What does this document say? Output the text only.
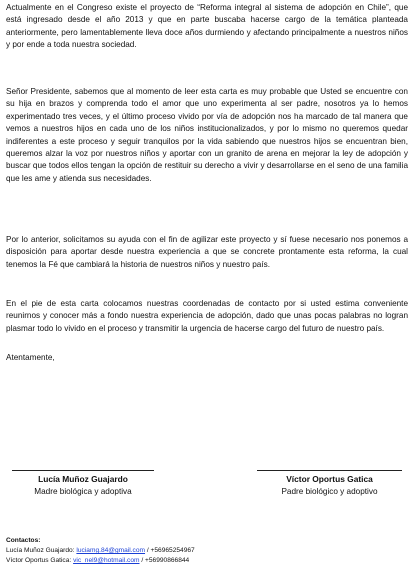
Actualmente en el Congreso existe el proyecto de “Reforma integral al sistema de adopción en Chile”, que está ingresado desde el año 2013 y que en parte buscaba hacerse cargo de la temática planteada anteriormente, pero lamentablemente lleva doce años durmiendo y afectando principalmente a nuestros niños y por ende a toda nuestra sociedad.

Señor Presidente, sabemos que al momento de leer esta carta es muy probable que Usted se encuentre con su hija en brazos y comprenda todo el amor que uno experimenta al ser padre, nosotros ya lo hemos experimentado tres veces, y el último proceso vivido por vía de adopción nos ha marcado de tal manera que vemos a nuestros hijos en cada uno de los niños institucionalizados, y por lo mismo no queremos quedar indiferentes a este proceso y seguir tranquilos por la vida sabiendo que nuestros hijos se encuentran bien, queremos alzar la voz por nuestros niños y aportar con un granito de arena en mejorar la ley de adopción y buscar que todos ellos tengan la opción de restituir su derecho a vivir y desarrollarse en el seno de una familia que les ame y atienda sus necesidades.

Por lo anterior, solicitamos su ayuda con el fin de agilizar este proyecto y sí fuese necesario nos ponemos a disposición para aportar desde nuestra experiencia a que se concrete prontamente esta reforma, la cual tenemos la Fé que cambiará la historia de nuestros niños y nuestro país.

En el pie de esta carta colocamos nuestras coordenadas de contacto por si usted estima conveniente reunirnos y conocer más a fondo nuestra experiencia de adopción, dado que unas pocas palabras no logran plasmar todo lo vivido en el proceso y transmitir la urgencia de hacerse cargo del futuro de nuestro país.

Atentamente,

Lucía Muñoz Guajardo

Madre biológica y adoptiva

Víctor Oportus Gatica

Padre biológico y adoptivo

Contactos:
Lucía Muñoz Guajardo: luciamg.84@gmail.com / +56965254967
Víctor Oportus Gatica: vic_nel9@hotmail.com / +56990866844
